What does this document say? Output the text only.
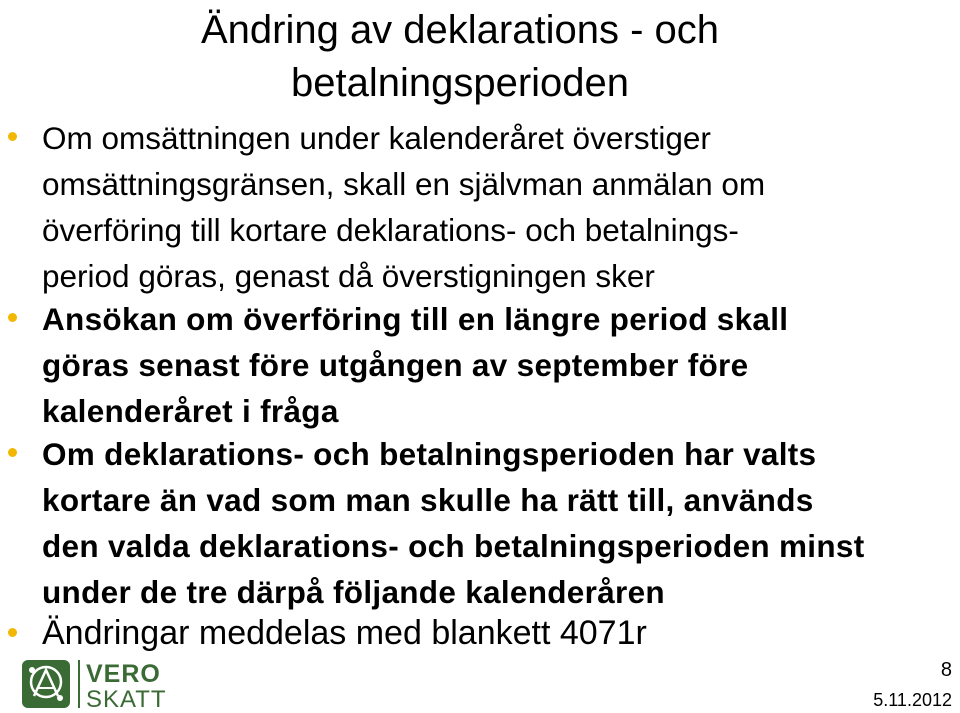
Ändring av deklarations - och
betalningsperioden
Om omsättningen under kalenderåret överstiger
omsättningsgränsen, skall en självman anmälan om
överföring till kortare deklarations- och betalnings-
period göras, genast då överstigningen sker
Ansökan om överföring till en längre period skall
göras senast före utgången av september före
kalenderåret i fråga
Om deklarations- och betalningsperioden har valts
kortare än vad som man skulle ha rätt till, används
den valda deklarations- och betalningsperioden minst
under de tre därpå följande kalenderåren
Ändringar meddelas med blankett 4071r
VERO
SKATT
8
5.11.2012
